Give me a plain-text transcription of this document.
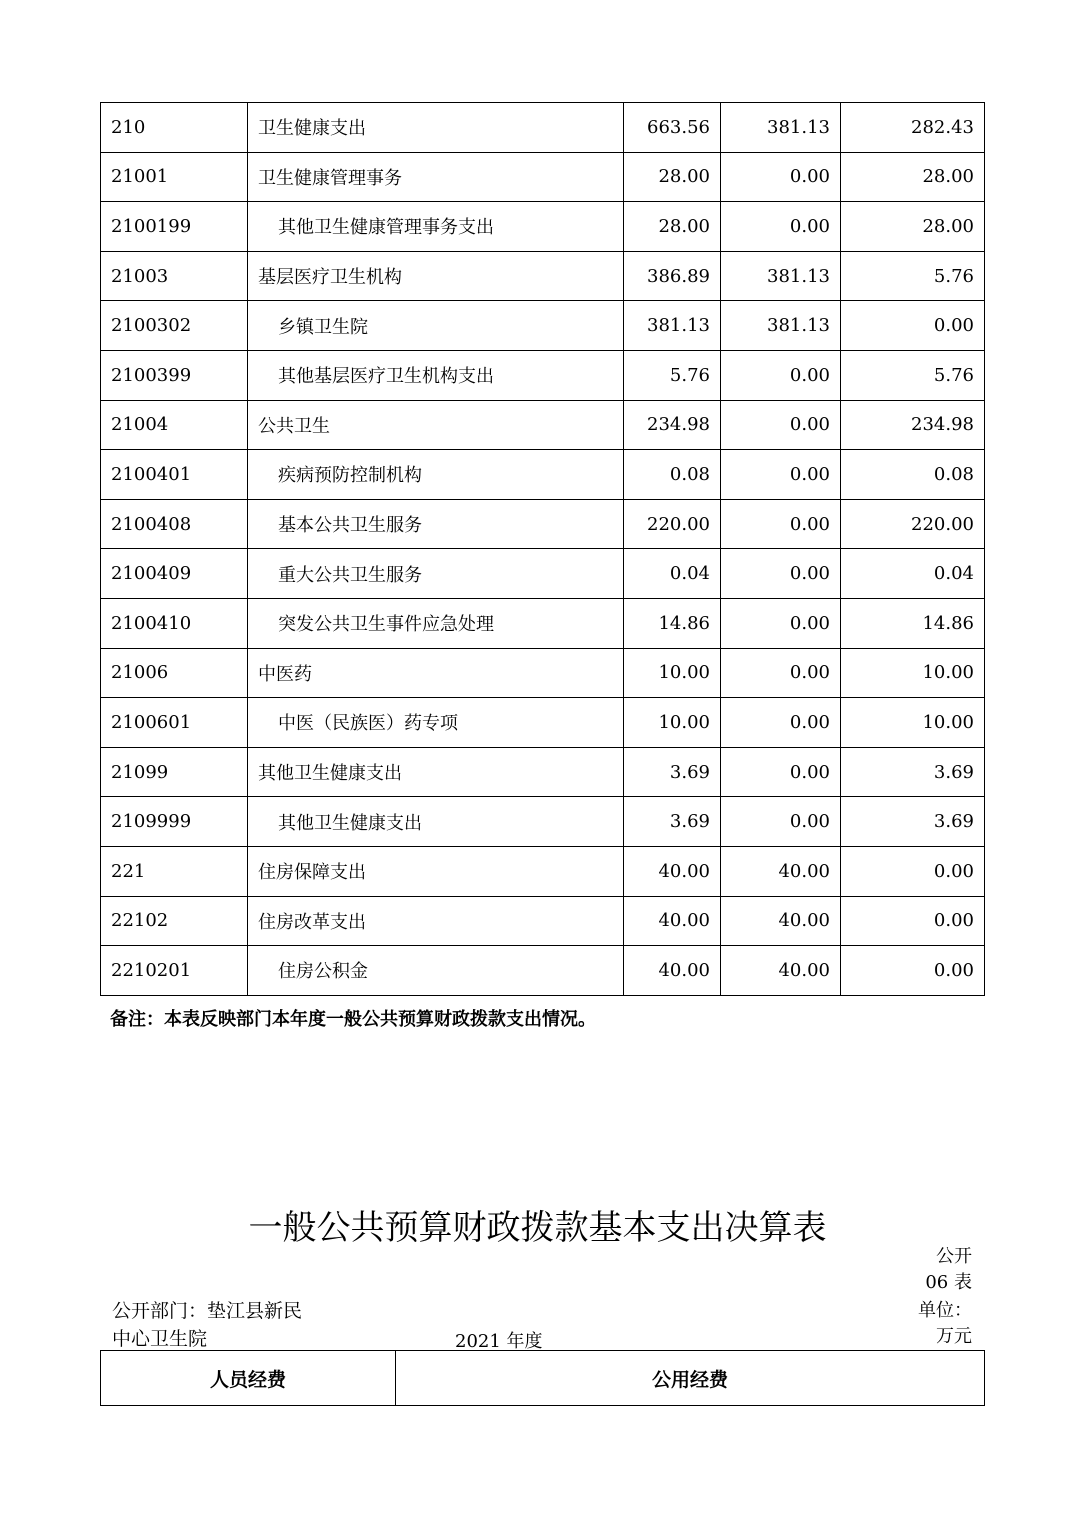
210	卫生健康支出	663.56	381.13	282.43
21001	卫生健康管理事务	28.00	0.00	28.00
2100199	其他卫生健康管理事务支出	28.00	0.00	28.00
21003	基层医疗卫生机构	386.89	381.13	5.76
2100302	乡镇卫生院	381.13	381.13	0.00
2100399	其他基层医疗卫生机构支出	5.76	0.00	5.76
21004	公共卫生	234.98	0.00	234.98
2100401	疾病预防控制机构	0.08	0.00	0.08
2100408	基本公共卫生服务	220.00	0.00	220.00
2100409	重大公共卫生服务	0.04	0.00	0.04
2100410	突发公共卫生事件应急处理	14.86	0.00	14.86
21006	中医药	10.00	0.00	10.00
2100601	中医（民族医）药专项	10.00	0.00	10.00
21099	其他卫生健康支出	3.69	0.00	3.69
2109999	其他卫生健康支出	3.69	0.00	3.69
221	住房保障支出	40.00	40.00	0.00
22102	住房改革支出	40.00	40.00	0.00
2210201	住房公积金	40.00	40.00	0.00
备注：本表反映部门本年度一般公共预算财政拨款支出情况。
一般公共预算财政拨款基本支出决算表
公开
06 表
公开部门：垫江县新民
中心卫生院	2021 年度
单位：
万元
人员经费	公用经费
